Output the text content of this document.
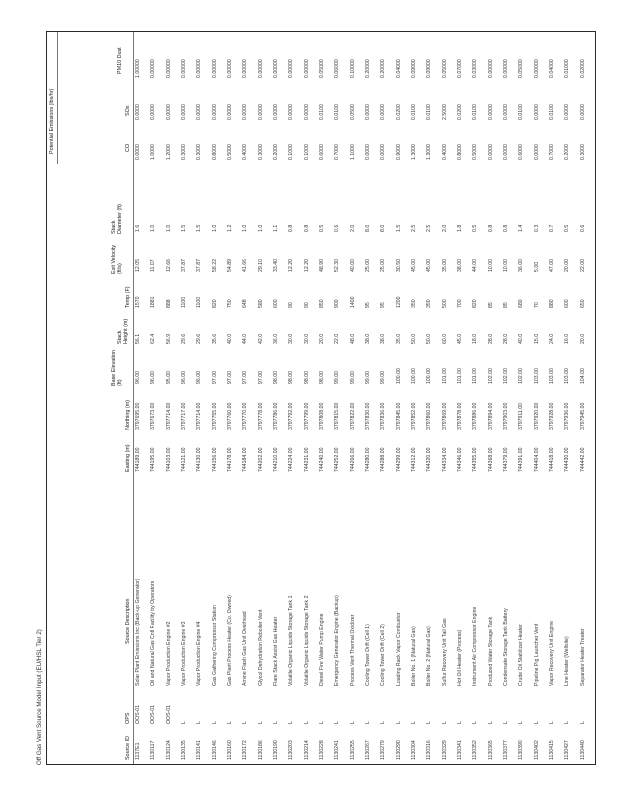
Off Gas Vent Source Model Input (EU/HSL Tier 2)
Potential Emissions (lbs/hr)
Source ID
OPS
Source Description
Easting (m)
Northing (m)
Base Elevation (ft)
Stack Height (m)
Temp (F)
Exit Velocity (ft/s)
Stack Diameter (ft)
CO
SOx
PM10 Dust
1137E1
OOS-01
Solar Plant Emissions Inc (Back-up Generator)
744189.00
3797695.00
96.00
56.1
1570
12.05
1.6
0.0000
0.0000
1.00000
1130117
OOS-01
Oil and Natural Gas Cntl Facility by Operators
744195.00
3797673.00
96.00
62.4
1881
11.07
1.0
1.0000
0.0000
0.00000
1130124
OOS-01
Vapor Production Engine #2
744103.00
3797714.00
95.00
56.9
888
12.66
1.0
1.2000
0.0000
0.00000
1130135
L
Vapor Production Engine #3
744121.00
3797717.00
96.00
29.6
1100
37.87
1.5
0.3000
0.0000
0.00000
1130141
L
Vapor Production Engine #4
744130.00
3797714.00
96.00
29.6
1100
37.87
1.5
0.3000
0.0000
0.00000
1130146
L
Gas Gathering Compressor Station
744156.00
3797755.00
97.00
35.6
820
58.22
1.0
0.8000
0.0000
0.00000
1130160
L
Gas Plant Process Heater (Co. Owned)
744178.00
3797760.00
97.00
40.0
750
54.89
1.2
0.5000
0.0000
0.00000
1130172
L
Amine Flash Gas Unit Overhead
744184.00
3797770.00
97.00
44.0
648
41.66
1.0
0.4000
0.0000
0.00000
1130186
L
Glycol Dehydration Reboiler Vent
744202.00
3797778.00
97.00
42.0
580
29.10
1.0
0.3000
0.0000
0.00000
1130190
L
Flare Stack Assist Gas Heater
744210.00
3797786.00
98.00
36.0
600
33.40
1.1
0.2000
0.0000
0.00000
1130203
L
Volatile Organic Liquids Storage Tank 1
744224.00
3797792.00
98.00
30.0
90
12.20
0.8
0.1000
0.0000
0.00000
1130214
L
Volatile Organic Liquids Storage Tank 2
744231.00
3797799.00
98.00
30.0
90
12.20
0.8
0.1000
0.0000
0.00000
1130228
L
Diesel Fire Water Pump Engine
744240.00
3797808.00
98.00
20.0
850
48.90
0.5
0.6000
0.0100
0.05000
1130241
L
Emergency Generator Engine (Backup)
744252.00
3797815.00
99.00
22.0
900
52.30
0.6
0.7000
0.0100
0.06000
1130255
L
Process Vent Thermal Oxidizer
744266.00
3797822.00
99.00
48.0
1400
40.00
2.0
1.1000
0.0500
0.10000
1130267
L
Cooling Tower Drift (Cell 1)
744280.00
3797830.00
99.00
38.0
95
25.00
8.0
0.0000
0.0000
0.20000
1130279
L
Cooling Tower Drift (Cell 2)
744288.00
3797836.00
99.00
38.0
95
25.00
8.0
0.0000
0.0000
0.20000
1130290
L
Loading Rack Vapor Combustor
744299.00
3797845.00
100.00
35.0
1200
30.50
1.5
0.9000
0.0200
0.04000
1130304
L
Boiler No. 1 (Natural Gas)
744312.00
3797852.00
100.00
50.0
350
45.00
2.5
1.3000
0.0100
0.09000
1130316
L
Boiler No. 2 (Natural Gas)
744320.00
3797860.00
100.00
50.0
350
45.00
2.5
1.3000
0.0100
0.09000
1130329
L
Sulfur Recovery Unit Tail Gas
744334.00
3797869.00
101.00
60.0
500
35.00
2.0
0.4000
2.5000
0.05000
1130341
L
Hot Oil Heater (Process)
744346.00
3797878.00
101.00
45.0
700
38.00
1.8
0.8000
0.0200
0.07000
1130352
L
Instrument Air Compressor Engine
744355.00
3797886.00
101.00
18.0
820
44.00
0.5
0.5000
0.0100
0.03000
1130365
L
Produced Water Storage Tank
744368.00
3797894.00
102.00
28.0
85
10.00
0.8
0.0000
0.0000
0.00000
1130377
L
Condensate Storage Tank Battery
744379.00
3797903.00
102.00
28.0
85
10.00
0.8
0.0000
0.0000
0.00000
1130390
L
Crude Oil Stabilizer Heater
744391.00
3797911.00
102.00
40.0
680
36.00
1.4
0.6000
0.0100
0.05000
1130402
L
Pipeline Pig Launcher Vent
744404.00
3797920.00
103.00
15.0
70
5.00
0.3
0.0000
0.0000
0.00000
1130415
L
Vapor Recovery Unit Engine
744418.00
3797928.00
103.00
24.0
880
47.00
0.7
0.7000
0.0100
0.04000
1130427
L
Line Heater (Wellsite)
744430.00
3797936.00
103.00
16.0
600
20.00
0.5
0.2000
0.0000
0.01000
1130440
L
Separator Heater Treater
744442.00
3797945.00
104.00
20.0
650
22.00
0.6
0.3000
0.0000
0.02000
